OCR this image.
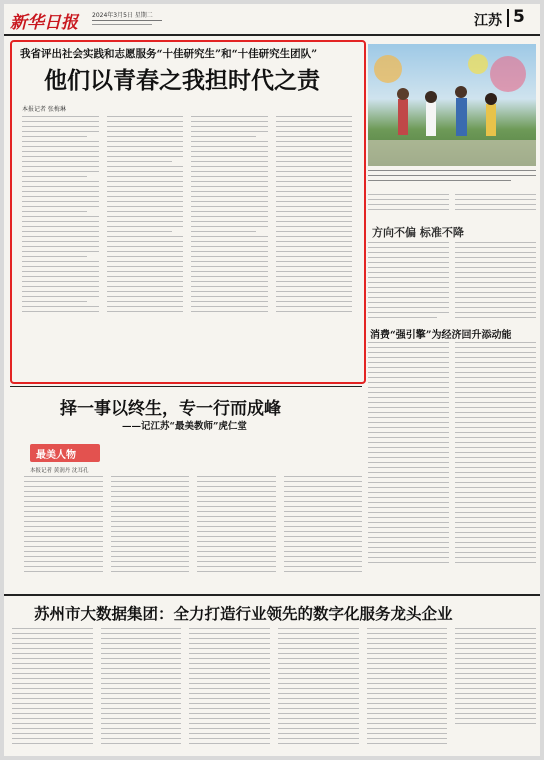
新华日报 2024年3月5日 星期二	江苏 5
我省评出社会实践和志愿服务“十佳研究生”和“十佳研究生团队”
他们以青春之我担时代之责
本报记者 张梅琳
方向不偏 标准不降
消费“强引擎”为经济回升添动能
择一事以终生，专一行而成峰
——记江苏“最美教师”虎仁堂
最美人物
本报记者 黄润丹 沈耳孔
苏州市大数据集团：全力打造行业领先的数字化服务龙头企业
